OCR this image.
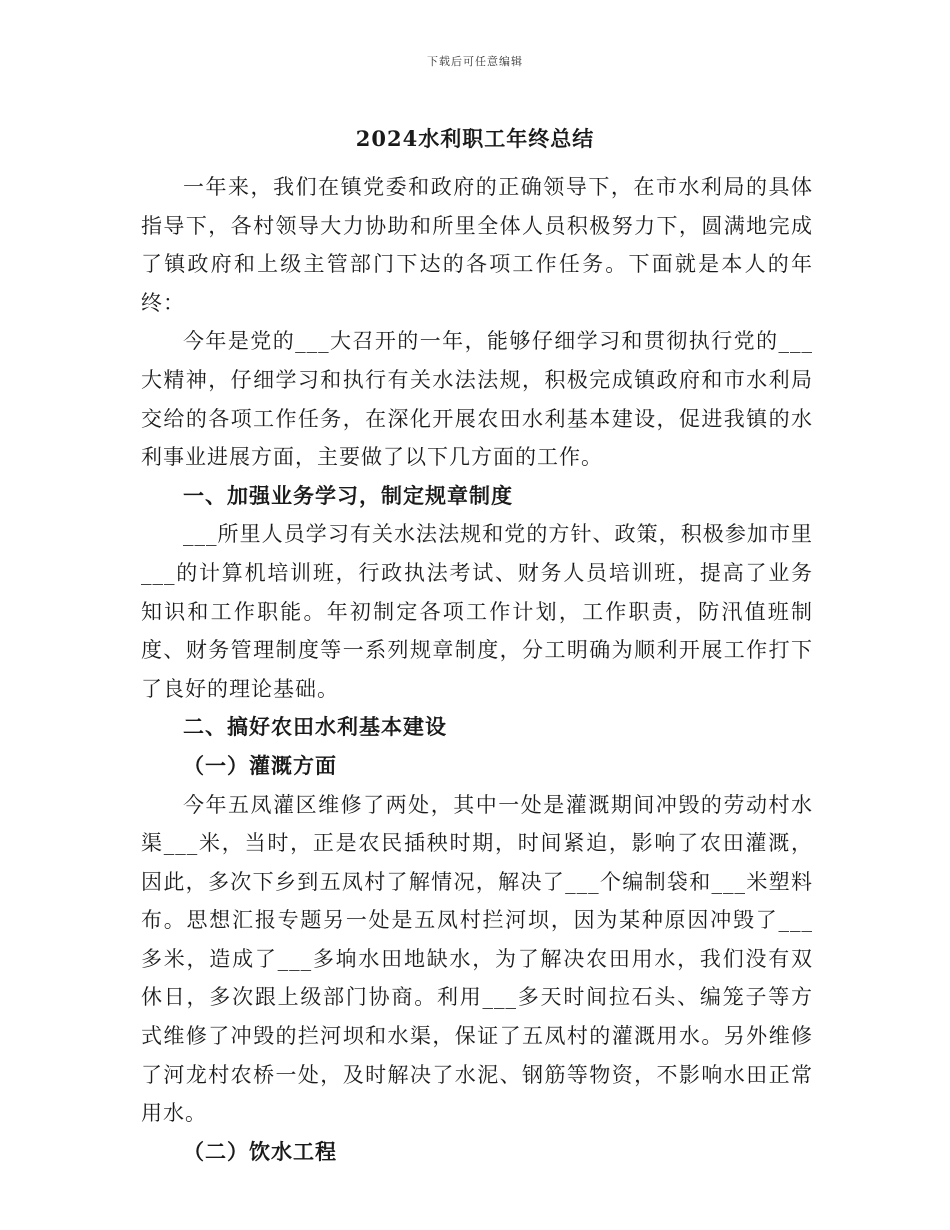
下载后可任意编辑
2024水利职工年终总结

一年来，我们在镇党委和政府的正确领导下，在市水利局的具体指导下，各村领导大力协助和所里全体人员积极努力下，圆满地完成了镇政府和上级主管部门下达的各项工作任务。下面就是本人的年终：

今年是党的___大召开的一年，能够仔细学习和贯彻执行党的___大精神，仔细学习和执行有关水法法规，积极完成镇政府和市水利局交给的各项工作任务，在深化开展农田水利基本建设，促进我镇的水利事业进展方面，主要做了以下几方面的工作。

一、加强业务学习，制定规章制度

___所里人员学习有关水法法规和党的方针、政策，积极参加市里___的计算机培训班，行政执法考试、财务人员培训班，提高了业务知识和工作职能。年初制定各项工作计划，工作职责，防汛值班制度、财务管理制度等一系列规章制度，分工明确为顺利开展工作打下了良好的理论基础。

二、搞好农田水利基本建设

（一）灌溉方面

今年五凤灌区维修了两处，其中一处是灌溉期间冲毁的劳动村水渠___米，当时，正是农民插秧时期，时间紧迫，影响了农田灌溉，因此，多次下乡到五凤村了解情况，解决了___个编制袋和___米塑料布。思想汇报专题另一处是五凤村拦河坝，因为某种原因冲毁了___多米，造成了___多垧水田地缺水，为了解决农田用水，我们没有双休日，多次跟上级部门协商。利用___多天时间拉石头、编笼子等方式维修了冲毁的拦河坝和水渠，保证了五凤村的灌溉用水。另外维修了河龙村农桥一处，及时解决了水泥、钢筋等物资，不影响水田正常用水。

（二）饮水工程
